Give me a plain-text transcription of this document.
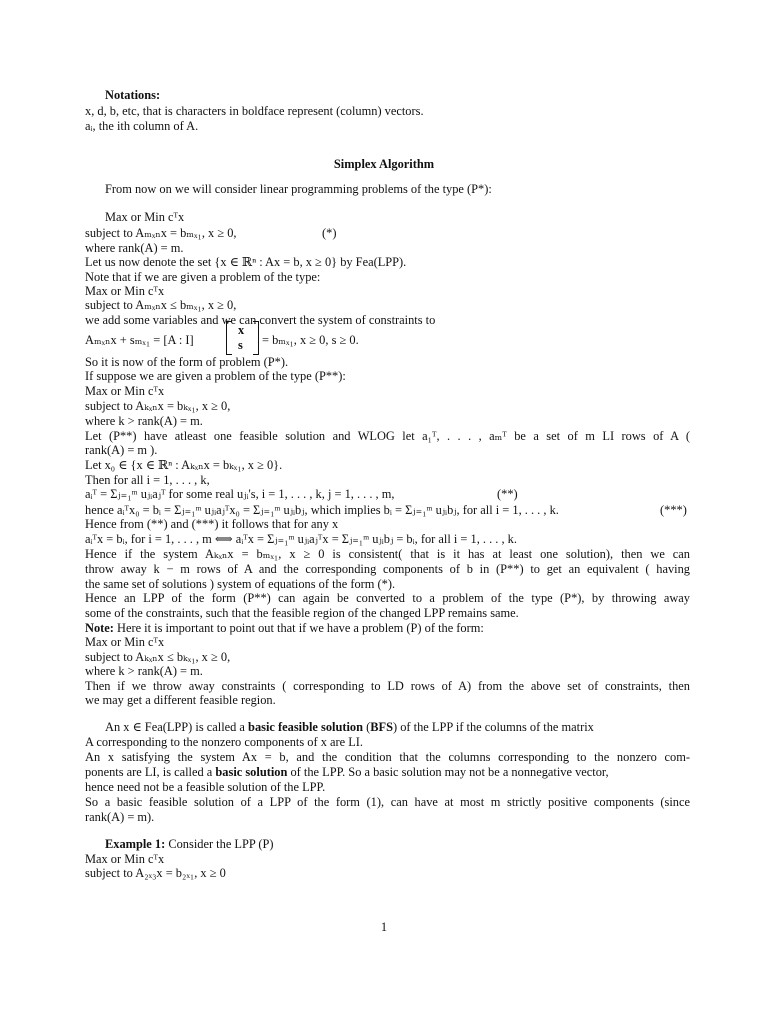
Notations:
x, d, b, etc, that is characters in boldface represent (column) vectors.
aᵢ, the ith column of A.
Simplex Algorithm
From now on we will consider linear programming problems of the type (P*):
Max or Min cᵀx
subject to Aₘₓₙx = bₘₓ₁, x ≥ 0,	(*)
where rank(A) = m.
Let us now denote the set {x ∈ ℝⁿ : Ax = b, x ≥ 0} by Fea(LPP).
Note that if we are given a problem of the type:
Max or Min cᵀx
subject to Aₘₓₙx ≤ bₘₓ₁, x ≥ 0,
we add some variables and we can convert the system of constraints to
Aₘₓₙx + sₘₓ₁ = [A : I]
x
s = bₘₓ₁, x ≥ 0, s ≥ 0.
So it is now of the form of problem (P*).
If suppose we are given a problem of the type (P**):
Max or Min cᵀx
subject to Aₖₓₙx = bₖₓ₁, x ≥ 0,
where k > rank(A) = m.
Let (P**) have atleast one feasible solution and WLOG let a₁ᵀ, . . . , aₘᵀ be a set of m LI rows of A (
rank(A) = m ).
Let x₀ ∈ {x ∈ ℝⁿ : Aₖₓₙx = bₖₓ₁, x ≥ 0}.
Then for all i = 1, . . . , k,
aᵢᵀ = Σⱼ₌₁ᵐ uⱼᵢaⱼᵀ for some real uⱼᵢ's, i = 1, . . . , k, j = 1, . . . , m,	(**)
hence aᵢᵀx₀ = bᵢ = Σⱼ₌₁ᵐ uⱼᵢaⱼᵀx₀ = Σⱼ₌₁ᵐ uⱼᵢbⱼ, which implies bᵢ = Σⱼ₌₁ᵐ uⱼᵢbⱼ, for all i = 1, . . . , k.	(***)
Hence from (**) and (***) it follows that for any x
aᵢᵀx = bᵢ, for i = 1, . . . , m ⟺ aᵢᵀx = Σⱼ₌₁ᵐ uⱼᵢaⱼᵀx = Σⱼ₌₁ᵐ uⱼᵢbⱼ = bᵢ, for all i = 1, . . . , k.
Hence if the system Aₖₓₙx = bₘₓ₁, x ≥ 0 is consistent( that is it has at least one solution), then we can
throw away k − m rows of A and the corresponding components of b in (P**) to get an equivalent ( having
the same set of solutions ) system of equations of the form (*).
Hence an LPP of the form (P**) can again be converted to a problem of the type (P*), by throwing away
some of the constraints, such that the feasible region of the changed LPP remains same.
Note: Here it is important to point out that if we have a problem (P) of the form:
Max or Min cᵀx
subject to Aₖₓₙx ≤ bₖₓ₁, x ≥ 0,
where k > rank(A) = m.
Then if we throw away constraints ( corresponding to LD rows of A) from the above set of constraints, then
we may get a different feasible region.
An x ∈ Fea(LPP) is called a basic feasible solution (BFS) of the LPP if the columns of the matrix
A corresponding to the nonzero components of x are LI.
An x satisfying the system Ax = b, and the condition that the columns corresponding to the nonzero com-
ponents are LI, is called a basic solution of the LPP. So a basic solution may not be a nonnegative vector,
hence need not be a feasible solution of the LPP.
So a basic feasible solution of a LPP of the form (1), can have at most m strictly positive components (since
rank(A) = m).
Example 1: Consider the LPP (P)
Max or Min cᵀx
subject to A₂ₓ₃x = b₂ₓ₁, x ≥ 0
1
